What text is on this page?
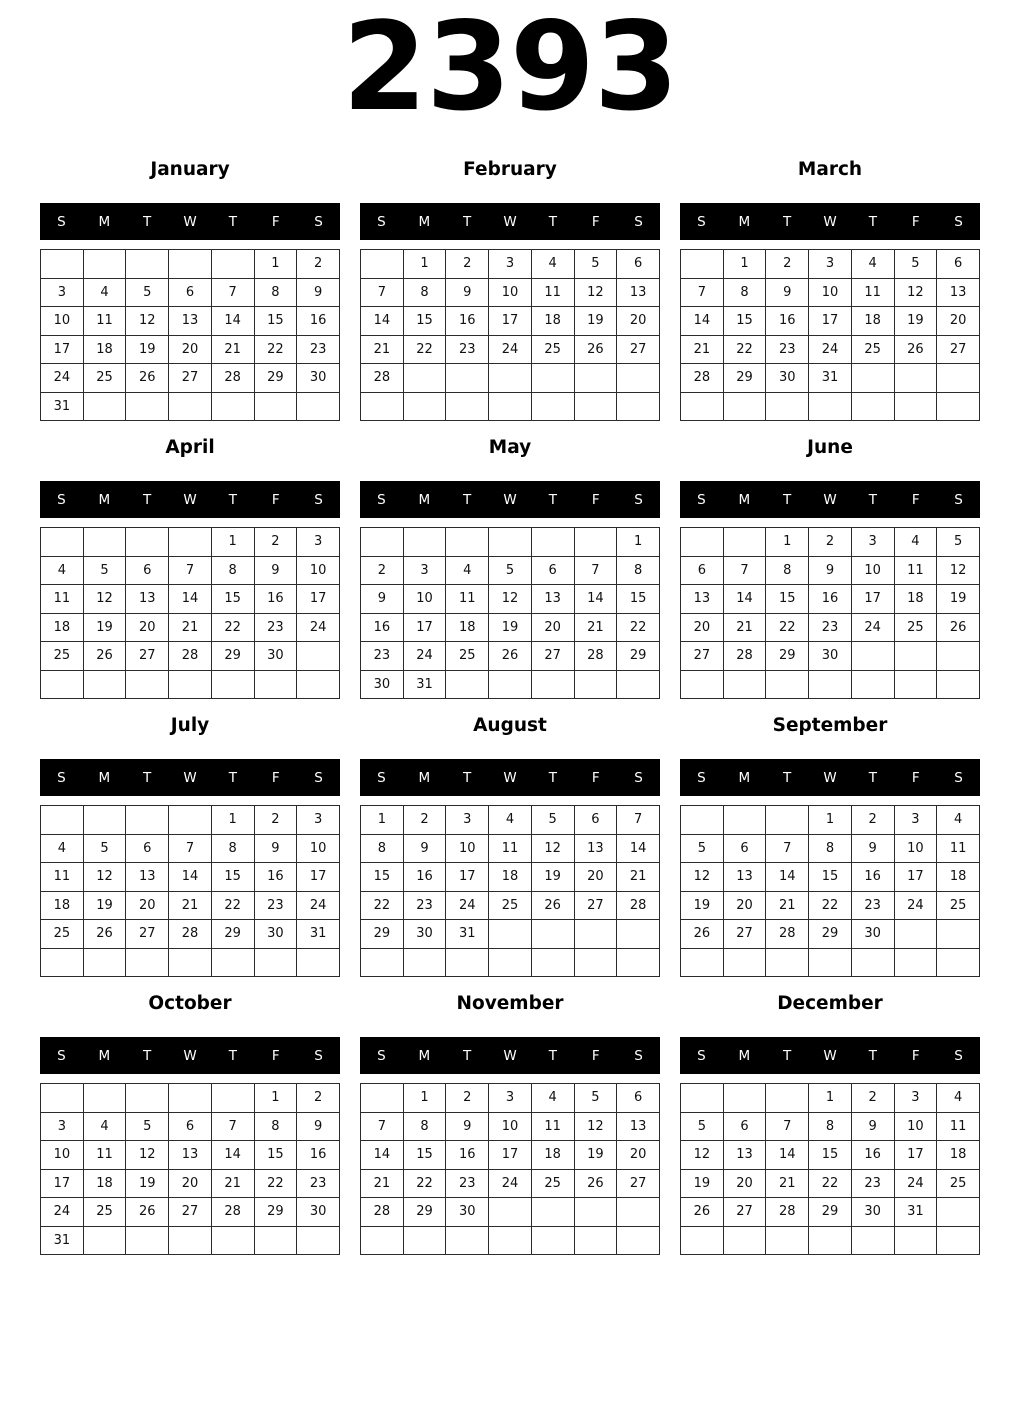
2393
January
S	M	T	W	T	F	S
					1	2
3	4	5	6	7	8	9
10	11	12	13	14	15	16
17	18	19	20	21	22	23
24	25	26	27	28	29	30
31						
February
S	M	T	W	T	F	S
	1	2	3	4	5	6
7	8	9	10	11	12	13
14	15	16	17	18	19	20
21	22	23	24	25	26	27
28						

March
S	M	T	W	T	F	S
	1	2	3	4	5	6
7	8	9	10	11	12	13
14	15	16	17	18	19	20
21	22	23	24	25	26	27
28	29	30	31			

April
S	M	T	W	T	F	S
				1	2	3
4	5	6	7	8	9	10
11	12	13	14	15	16	17
18	19	20	21	22	23	24
25	26	27	28	29	30	

May
S	M	T	W	T	F	S
						1
2	3	4	5	6	7	8
9	10	11	12	13	14	15
16	17	18	19	20	21	22
23	24	25	26	27	28	29
30	31					
June
S	M	T	W	T	F	S
		1	2	3	4	5
6	7	8	9	10	11	12
13	14	15	16	17	18	19
20	21	22	23	24	25	26
27	28	29	30			

July
S	M	T	W	T	F	S
				1	2	3
4	5	6	7	8	9	10
11	12	13	14	15	16	17
18	19	20	21	22	23	24
25	26	27	28	29	30	31

August
S	M	T	W	T	F	S
1	2	3	4	5	6	7
8	9	10	11	12	13	14
15	16	17	18	19	20	21
22	23	24	25	26	27	28
29	30	31				

September
S	M	T	W	T	F	S
			1	2	3	4
5	6	7	8	9	10	11
12	13	14	15	16	17	18
19	20	21	22	23	24	25
26	27	28	29	30		

October
S	M	T	W	T	F	S
					1	2
3	4	5	6	7	8	9
10	11	12	13	14	15	16
17	18	19	20	21	22	23
24	25	26	27	28	29	30
31						
November
S	M	T	W	T	F	S
	1	2	3	4	5	6
7	8	9	10	11	12	13
14	15	16	17	18	19	20
21	22	23	24	25	26	27
28	29	30				

December
S	M	T	W	T	F	S
			1	2	3	4
5	6	7	8	9	10	11
12	13	14	15	16	17	18
19	20	21	22	23	24	25
26	27	28	29	30	31	
